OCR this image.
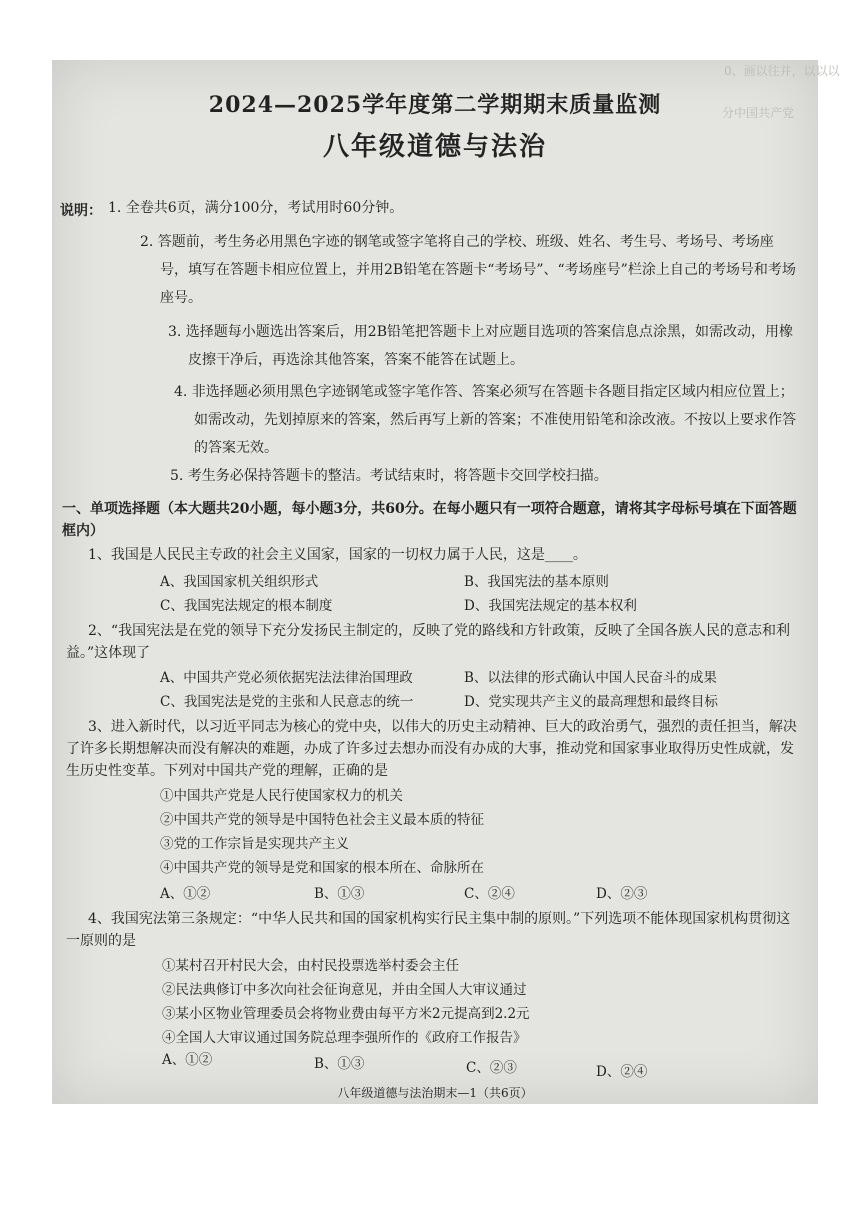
0、画以往并，以以以
分中国共产党
2024—2025学年度第二学期期末质量监测
八年级道德与法治
说明： 1. 全卷共6页，满分100分，考试用时60分钟。
2. 答题前，考生务必用黑色字迹的钢笔或签字笔将自己的学校、班级、姓名、考生号、考场号、考场座号，填写在答题卡相应位置上，并用2B铅笔在答题卡“考场号”、“考场座号”栏涂上自己的考场号和考场座号。
3. 选择题每小题选出答案后，用2B铅笔把答题卡上对应题目选项的答案信息点涂黑，如需改动，用橡皮擦干净后，再选涂其他答案，答案不能答在试题上。
4. 非选择题必须用黑色字迹钢笔或签字笔作答、答案必须写在答题卡各题目指定区域内相应位置上；如需改动，先划掉原来的答案，然后再写上新的答案；不准使用铅笔和涂改液。不按以上要求作答的答案无效。
5. 考生务必保持答题卡的整洁。考试结束时，将答题卡交回学校扫描。
一、单项选择题（本大题共20小题，每小题3分，共60分。在每小题只有一项符合题意，请将其字母标号填在下面答题框内）
1、我国是人民民主专政的社会主义国家，国家的一切权力属于人民，这是____。
A、我国国家机关组织形式	B、我国宪法的基本原则
C、我国宪法规定的根本制度	D、我国宪法规定的基本权利
2、“我国宪法是在党的领导下充分发扬民主制定的，反映了党的路线和方针政策，反映了全国各族人民的意志和利益。”这体现了
A、中国共产党必须依据宪法法律治国理政	B、以法律的形式确认中国人民奋斗的成果
C、我国宪法是党的主张和人民意志的统一	D、党实现共产主义的最高理想和最终目标
3、进入新时代，以习近平同志为核心的党中央，以伟大的历史主动精神、巨大的政治勇气，强烈的责任担当，解决了许多长期想解决而没有解决的难题，办成了许多过去想办而没有办成的大事，推动党和国家事业取得历史性成就，发生历史性变革。下列对中国共产党的理解，正确的是
①中国共产党是人民行使国家权力的机关
②中国共产党的领导是中国特色社会主义最本质的特征
③党的工作宗旨是实现共产主义
④中国共产党的领导是党和国家的根本所在、命脉所在
A、①②	B、①③	C、②④	D、②③
4、我国宪法第三条规定：“中华人民共和国的国家机构实行民主集中制的原则。”下列选项不能体现国家机构贯彻这一原则的是
①某村召开村民大会，由村民投票选举村委会主任
②民法典修订中多次向社会征询意见，并由全国人大审议通过
③某小区物业管理委员会将物业费由每平方米2元提高到2.2元
④全国人大审议通过国务院总理李强所作的《政府工作报告》
A、①②	B、①③	C、②③	D、②④
八年级道德与法治期末—1（共6页）
